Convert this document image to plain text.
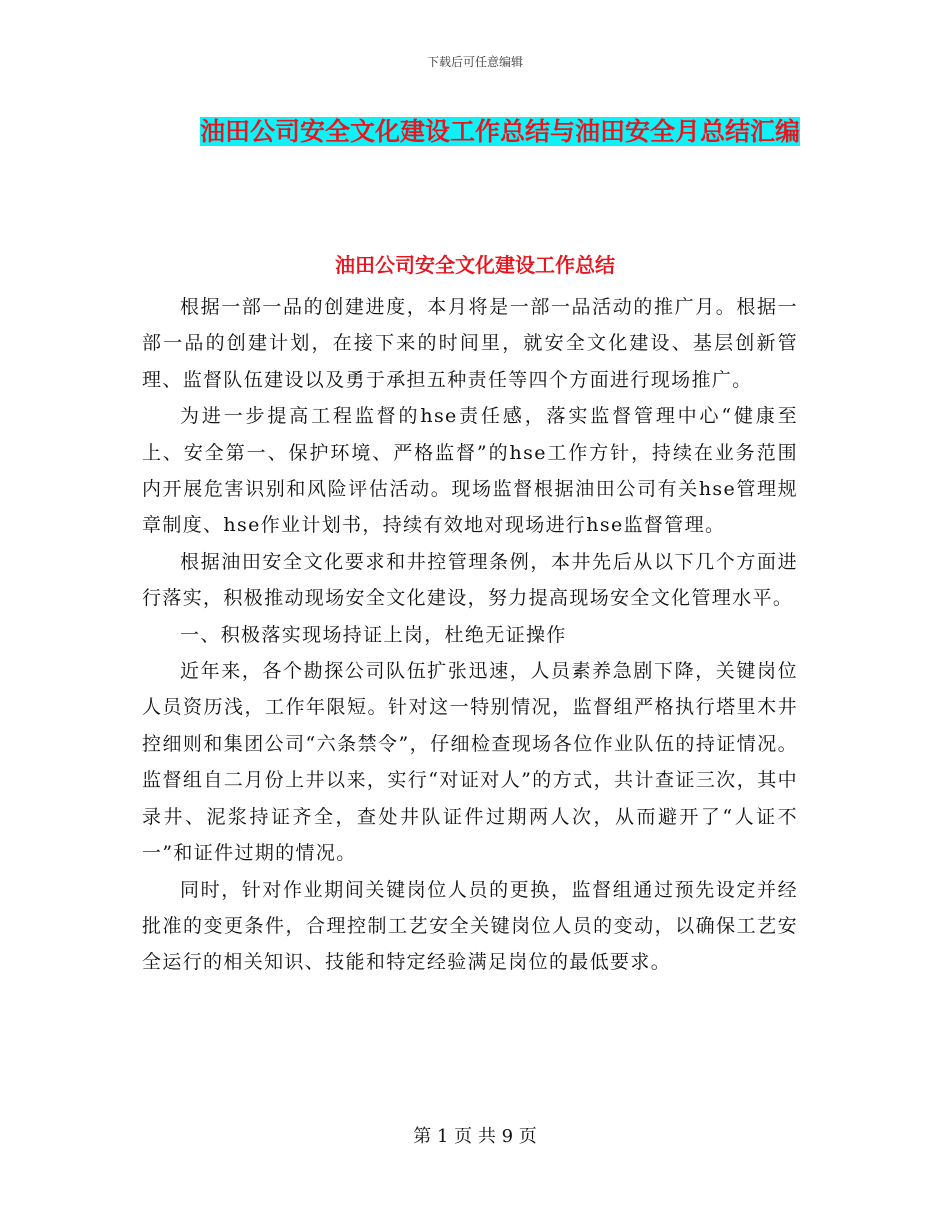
下载后可任意编辑
油田公司安全文化建设工作总结与油田安全月总结汇编
油田公司安全文化建设工作总结

根据一部一品的创建进度，本月将是一部一品活动的推广月。根据一部一品的创建计划，在接下来的时间里，就安全文化建设、基层创新管理、监督队伍建设以及勇于承担五种责任等四个方面进行现场推广。

为进一步提高工程监督的hse责任感，落实监督管理中心“健康至上、安全第一、保护环境、严格监督”的hse工作方针，持续在业务范围内开展危害识别和风险评估活动。现场监督根据油田公司有关hse管理规章制度、hse作业计划书，持续有效地对现场进行hse监督管理。

根据油田安全文化要求和井控管理条例，本井先后从以下几个方面进行落实，积极推动现场安全文化建设，努力提高现场安全文化管理水平。

一、积极落实现场持证上岗，杜绝无证操作

近年来，各个勘探公司队伍扩张迅速，人员素养急剧下降，关键岗位人员资历浅，工作年限短。针对这一特别情况，监督组严格执行塔里木井控细则和集团公司“六条禁令”，仔细检查现场各位作业队伍的持证情况。监督组自二月份上井以来，实行“对证对人”的方式，共计查证三次，其中录井、泥浆持证齐全，查处井队证件过期两人次，从而避开了“人证不一”和证件过期的情况。

同时，针对作业期间关键岗位人员的更换，监督组通过预先设定并经批准的变更条件，合理控制工艺安全关键岗位人员的变动，以确保工艺安全运行的相关知识、技能和特定经验满足岗位的最低要求。

第 1 页 共 9 页
